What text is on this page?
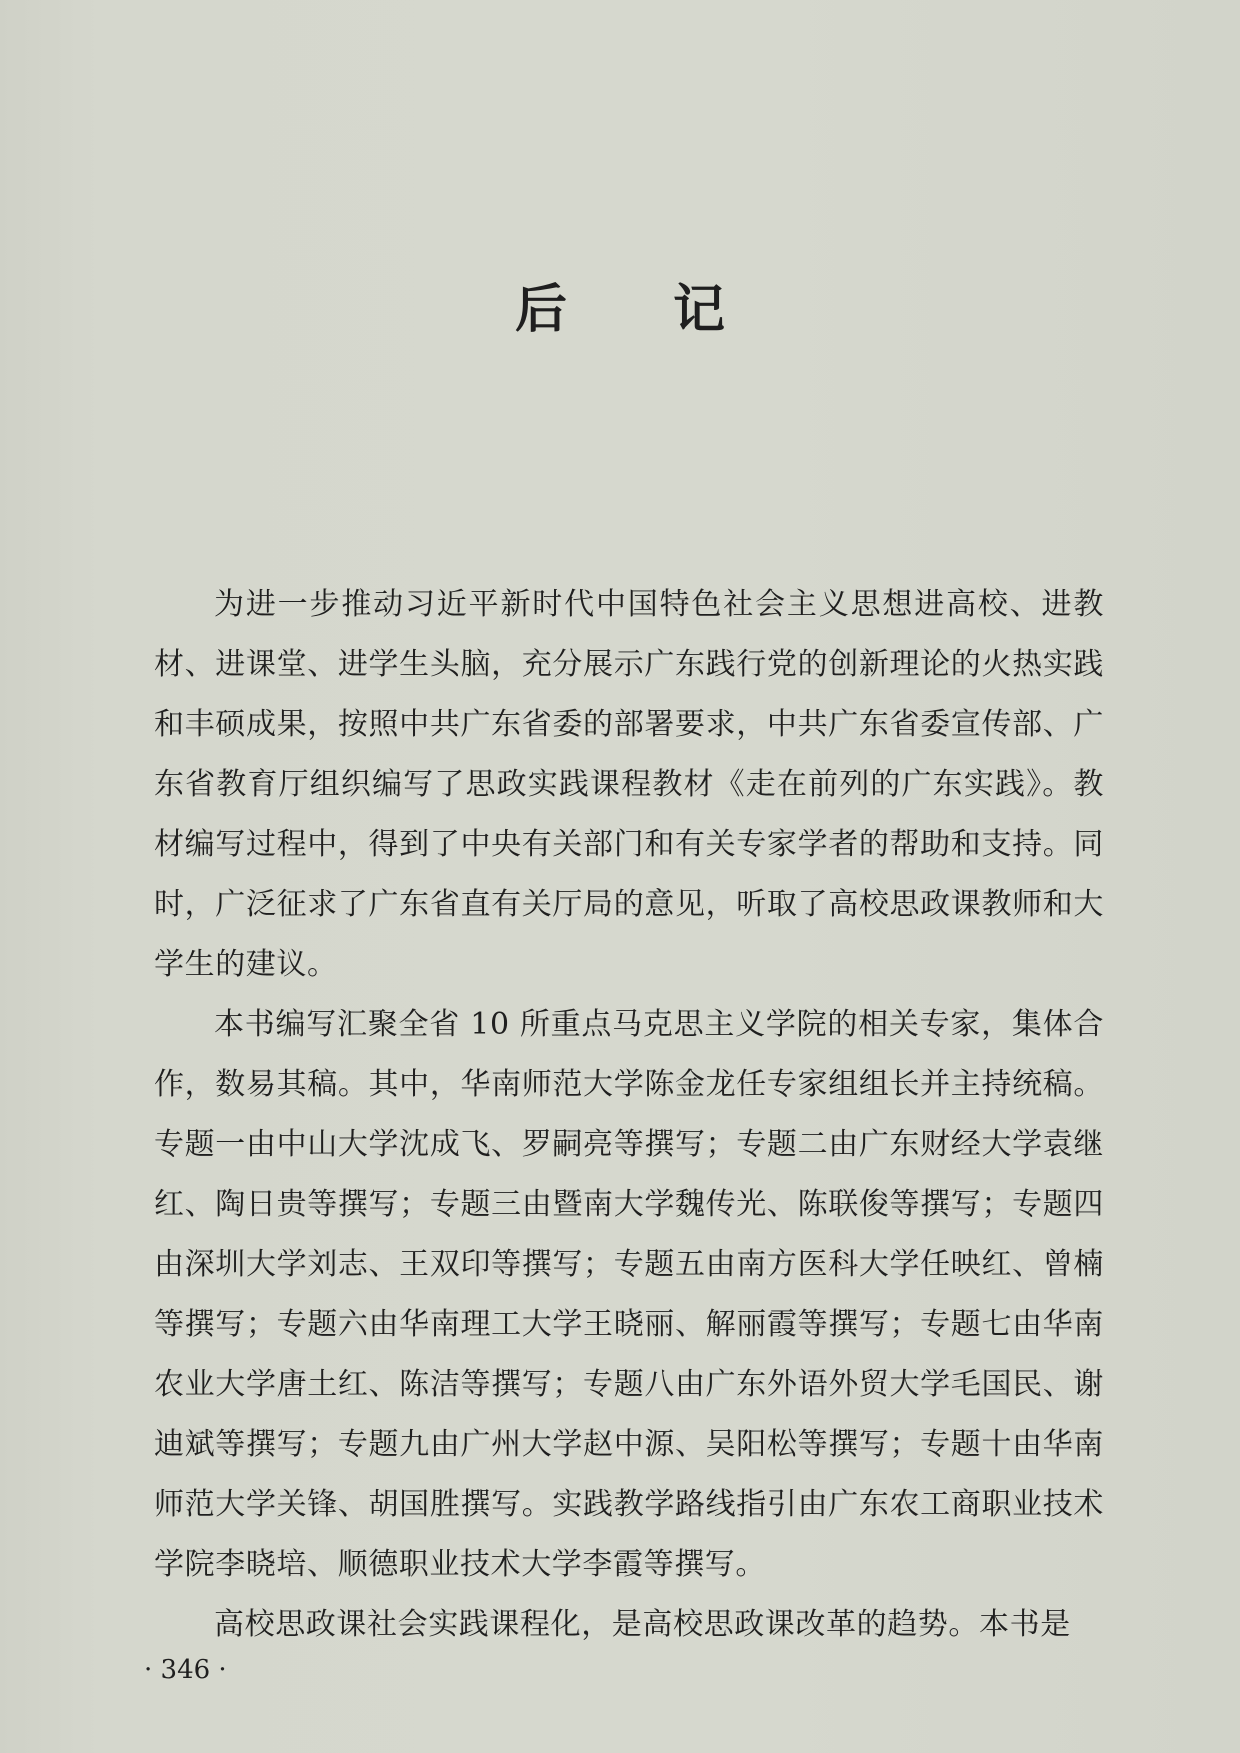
后 记

为进一步推动习近平新时代中国特色社会主义思想进高校、进教材、进课堂、进学生头脑，充分展示广东践行党的创新理论的火热实践和丰硕成果，按照中共广东省委的部署要求，中共广东省委宣传部、广东省教育厅组织编写了思政实践课程教材《走在前列的广东实践》。教材编写过程中，得到了中央有关部门和有关专家学者的帮助和支持。同时，广泛征求了广东省直有关厅局的意见，听取了高校思政课教师和大学生的建议。

本书编写汇聚全省 10 所重点马克思主义学院的相关专家，集体合作，数易其稿。其中，华南师范大学陈金龙任专家组组长并主持统稿。专题一由中山大学沈成飞、罗嗣亮等撰写；专题二由广东财经大学袁继红、陶日贵等撰写；专题三由暨南大学魏传光、陈联俊等撰写；专题四由深圳大学刘志、王双印等撰写；专题五由南方医科大学任映红、曾楠等撰写；专题六由华南理工大学王晓丽、解丽霞等撰写；专题七由华南农业大学唐土红、陈洁等撰写；专题八由广东外语外贸大学毛国民、谢迪斌等撰写；专题九由广州大学赵中源、吴阳松等撰写；专题十由华南师范大学关锋、胡国胜撰写。实践教学路线指引由广东农工商职业技术学院李晓培、顺德职业技术大学李霞等撰写。

高校思政课社会实践课程化，是高校思政课改革的趋势。本书是

· 346 ·
